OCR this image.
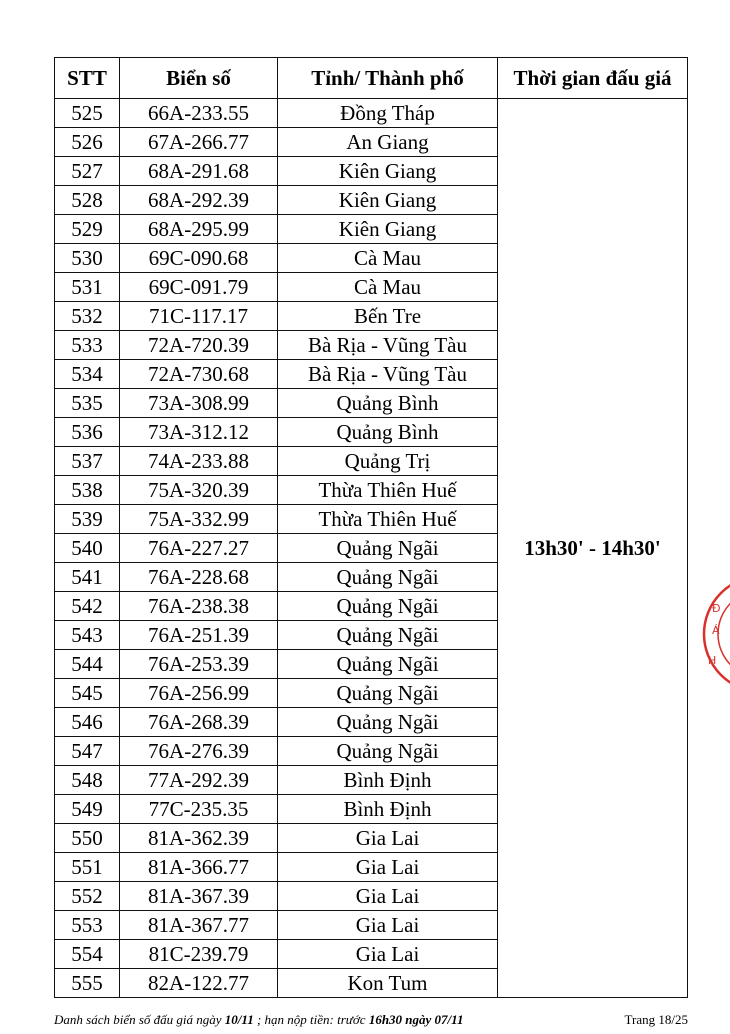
STT	Biển số	Tỉnh/ Thành phố	Thời gian đấu giá
525	66A-233.55	Đồng Tháp	13h30' - 14h30'
526	67A-266.77	An Giang	
527	68A-291.68	Kiên Giang	
528	68A-292.39	Kiên Giang	
529	68A-295.99	Kiên Giang	
530	69C-090.68	Cà Mau	
531	69C-091.79	Cà Mau	
532	71C-117.17	Bến Tre	
533	72A-720.39	Bà Rịa - Vũng Tàu	
534	72A-730.68	Bà Rịa - Vũng Tàu	
535	73A-308.99	Quảng Bình	
536	73A-312.12	Quảng Bình	
537	74A-233.88	Quảng Trị	
538	75A-320.39	Thừa Thiên Huế	
539	75A-332.99	Thừa Thiên Huế	
540	76A-227.27	Quảng Ngãi	
541	76A-228.68	Quảng Ngãi	
542	76A-238.38	Quảng Ngãi	
543	76A-251.39	Quảng Ngãi	
544	76A-253.39	Quảng Ngãi	
545	76A-256.99	Quảng Ngãi	
546	76A-268.39	Quảng Ngãi	
547	76A-276.39	Quảng Ngãi	
548	77A-292.39	Bình Định	
549	77C-235.35	Bình Định	
550	81A-362.39	Gia Lai	
551	81A-366.77	Gia Lai	
552	81A-367.39	Gia Lai	
553	81A-367.77	Gia Lai	
554	81C-239.79	Gia Lai	
555	82A-122.77	Kon Tum	
Danh sách biển số đấu giá ngày 10/11 ; hạn nộp tiền: trước 16h30 ngày 07/11	Trang 18/25
Đ
Á
H
